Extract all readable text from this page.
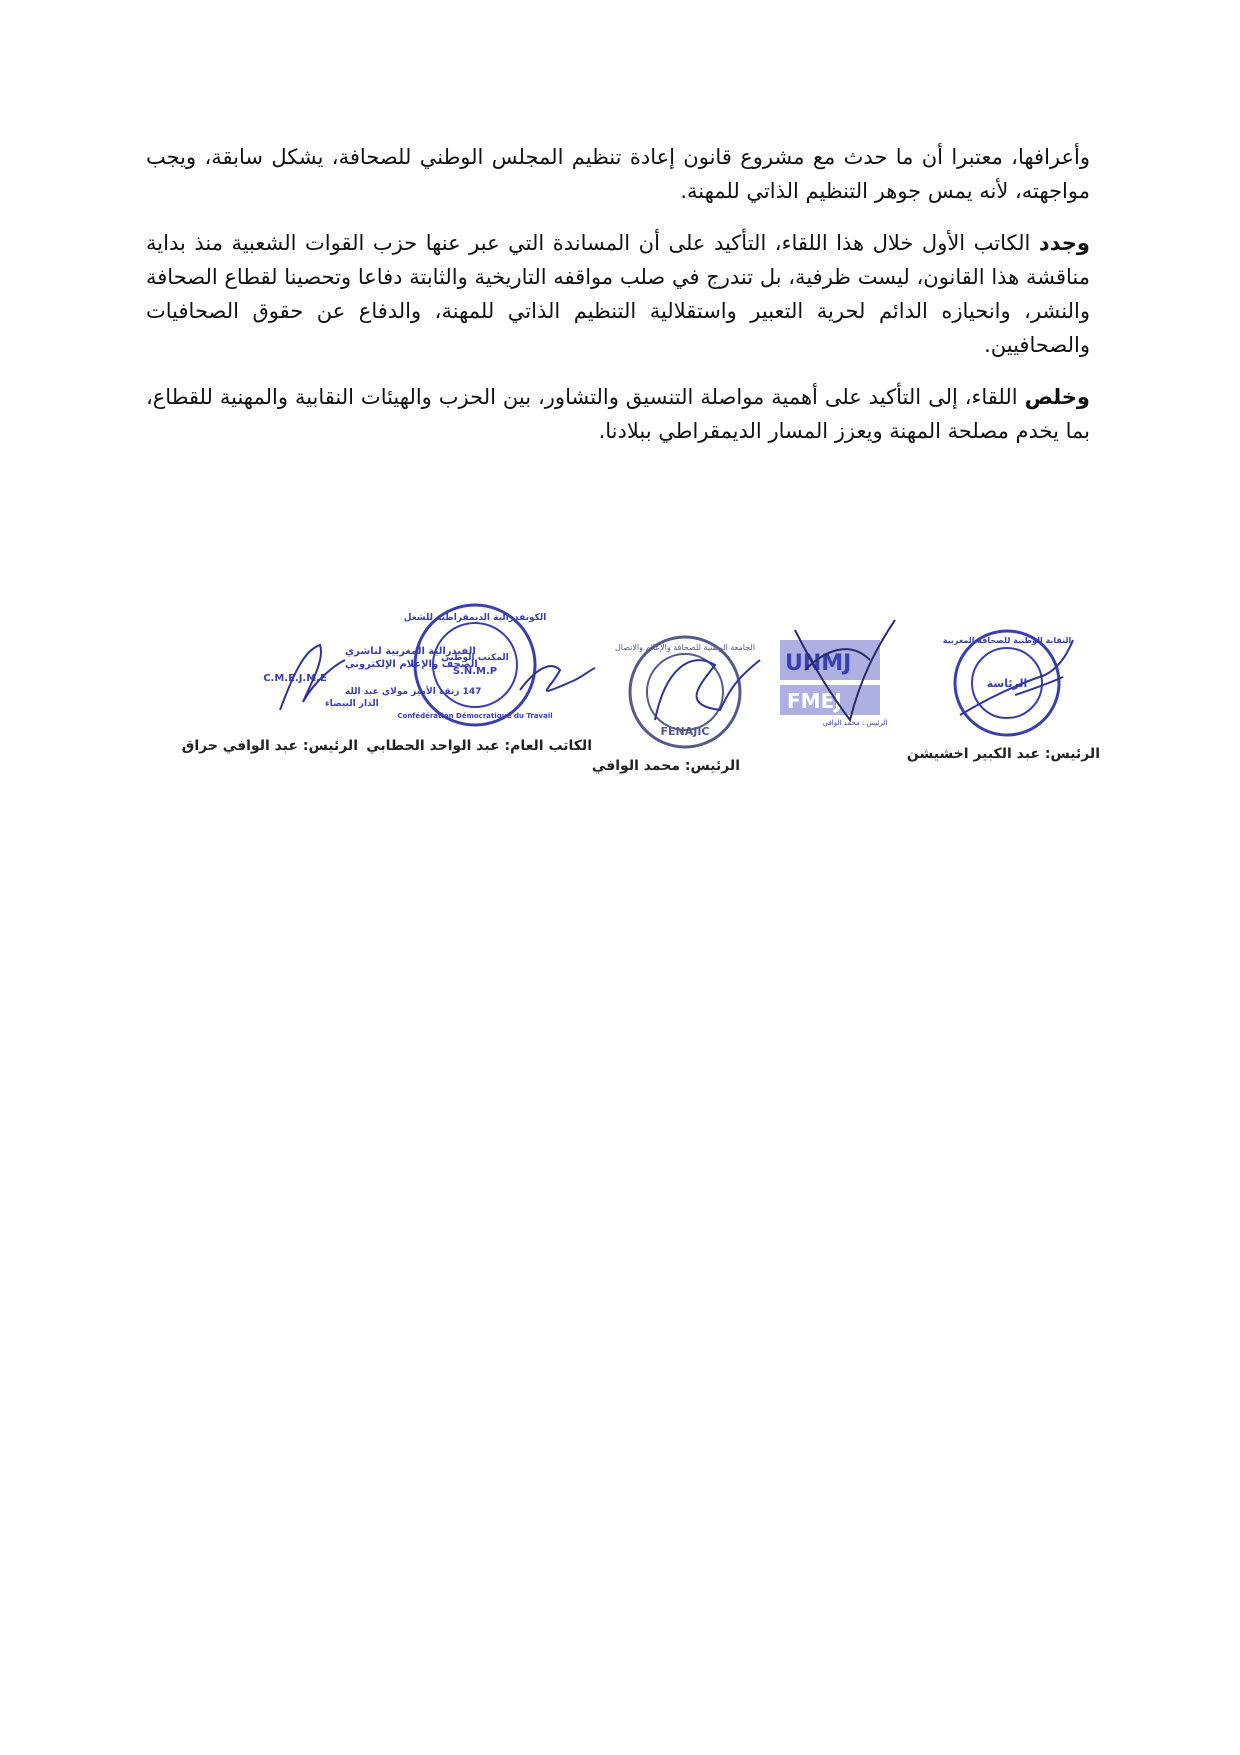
وأعرافها، معتبرا أن ما حدث مع مشروع قانون إعادة تنظيم المجلس الوطني للصحافة، يشكل سابقة، ويجب مواجهته، لأنه يمس جوهر التنظيم الذاتي للمهنة.

وجدد الكاتب الأول خلال هذا اللقاء، التأكيد على أن المساندة التي عبر عنها حزب القوات الشعبية منذ بداية مناقشة هذا القانون، ليست ظرفية، بل تندرج في صلب مواقفه التاريخية والثابتة دفاعا وتحصينا لقطاع الصحافة والنشر، وانحيازه الدائم لحرية التعبير واستقلالية التنظيم الذاتي للمهنة، والدفاع عن حقوق الصحافيات والصحافيين.

وخلص اللقاء، إلى التأكيد على أهمية مواصلة التنسيق والتشاور، بين الحزب والهيئات النقابية والمهنية للقطاع، بما يخدم مصلحة المهنة ويعزز المسار الديمقراطي ببلادنا.

الفيدرالية المغربية لناشري
الصحف والإعلام الإلكتروني
C.M.E.J.M.E
147 زنقة الأمير مولاي عبد الله
الدار البيضاء
الرئيس: عبد الوافي حراق
الكونفدرالية الديمقراطية للشغل
المكتب الوطني
S.N.M.P
Confédération Démocratique du Travail
الكاتب العام: عبد الواحد الحطابي
الجامعة الوطنية للصحافة والإعلام والاتصال
FENAJIC
الرئيس: محمد الوافي
UNMJ
FMEJ
الرئيس : محمد الوافي
النقابة الوطنية للصحافة المغربية
الرئاسة
الرئيس: عبد الكبير اخشيشن
